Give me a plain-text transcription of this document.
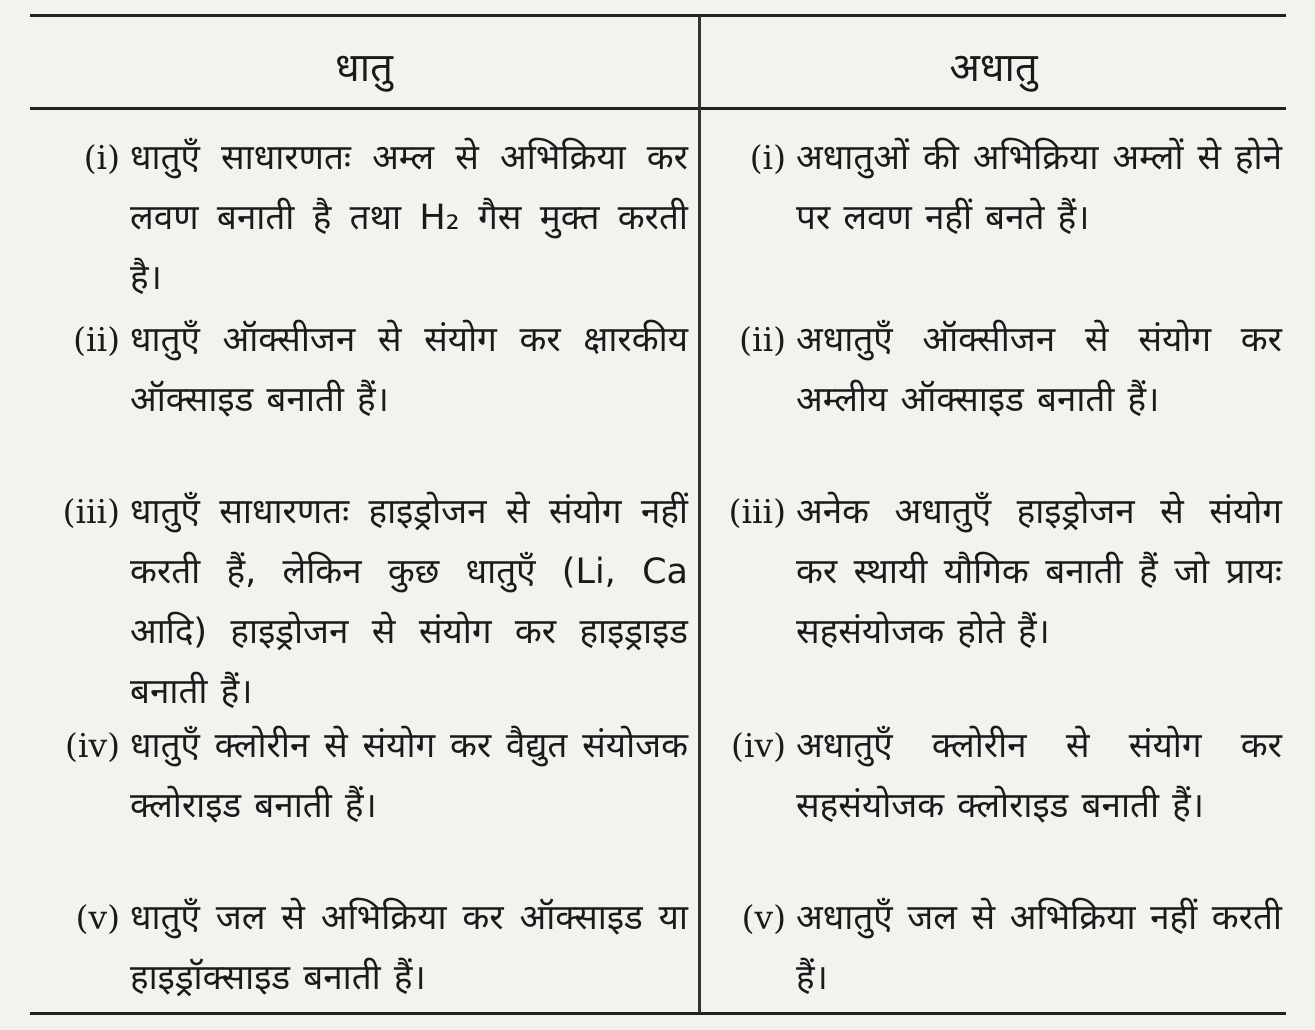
धातु	अधातु
(i) धातुएँ साधारणतः अम्ल से अभिक्रिया कर लवण बनाती है तथा H₂ गैस मुक्त करती है।
(ii) धातुएँ ऑक्सीजन से संयोग कर क्षारकीय ऑक्साइड बनाती हैं।
(iii) धातुएँ साधारणतः हाइड्रोजन से संयोग नहीं करती हैं, लेकिन कुछ धातुएँ (Li, Ca आदि) हाइड्रोजन से संयोग कर हाइड्राइड बनाती हैं।
(iv) धातुएँ क्लोरीन से संयोग कर वैद्युत संयोजक क्लोराइड बनाती हैं।
(v) धातुएँ जल से अभिक्रिया कर ऑक्साइड या हाइड्रॉक्साइड बनाती हैं।
(i) अधातुओं की अभिक्रिया अम्लों से होने पर लवण नहीं बनते हैं।
(ii) अधातुएँ ऑक्सीजन से संयोग कर अम्लीय ऑक्साइड बनाती हैं।
(iii) अनेक अधातुएँ हाइड्रोजन से संयोग कर स्थायी यौगिक बनाती हैं जो प्रायः सहसंयोजक होते हैं।
(iv) अधातुएँ क्लोरीन से संयोग कर सहसंयोजक क्लोराइड बनाती हैं।
(v) अधातुएँ जल से अभिक्रिया नहीं करती हैं।
